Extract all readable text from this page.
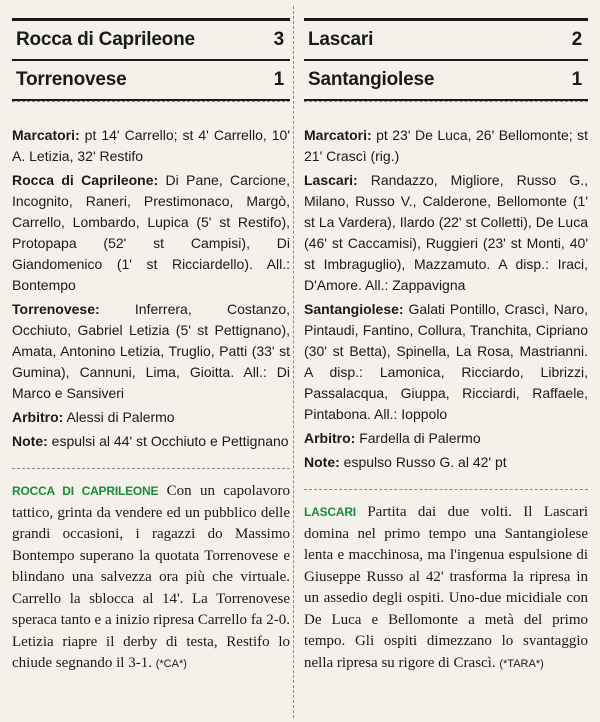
Rocca di Caprileone	3
Torrenovese	1

Marcatori: pt 14' Carrello; st 4' Carrello, 10' A. Letizia, 32' Restifo

Rocca di Caprileone: Di Pane, Carcione, Incognito, Raneri, Prestimonaco, Margò, Carrello, Lombardo, Lupica (5' st Restifo), Protopapa (52' st Campisi), Di Giandomenico (1' st Ricciardello). All.: Bontempo

Torrenovese: Inferrera, Costanzo, Occhiuto, Gabriel Letizia (5' st Pettignano), Amata, Antonino Letizia, Truglio, Patti (33' st Gumina), Cannuni, Lima, Gioitta. All.: Di Marco e Sansiveri

Arbitro: Alessi di Palermo

Note: espulsi al 44' st Occhiuto e Pettignano

ROCCA DI CAPRILEONE Con un capolavoro tattico, grinta da vendere ed un pubblico delle grandi occasioni, i ragazzi do Massimo Bontempo superano la quotata Torrenovese e blindano una salvezza ora più che virtuale. Carrello la sblocca al 14'. La Torrenovese speraca tanto e a inizio ripresa Carrello fa 2-0. Letizia riapre il derby di testa, Restifo lo chiude segnando il 3-1. (*CA*)
Lascari	2
Santangiolese	1

Marcatori: pt 23' De Luca, 26' Bellomonte; st 21' Crascì (rig.)

Lascari: Randazzo, Migliore, Russo G., Milano, Russo V., Calderone, Bellomonte (1' st La Vardera), Ilardo (22' st Colletti), De Luca (46' st Caccamisi), Ruggieri (23' st Monti, 40' st Imbraguglio), Mazzamuto. A disp.: Iraci, D'Amore. All.: Zappavigna

Santangiolese: Galati Pontillo, Crascì, Naro, Pintaudi, Fantino, Collura, Tranchita, Cipriano (30' st Betta), Spinella, La Rosa, Mastrianni. A disp.: Lamonica, Ricciardo, Librizzi, Passalacqua, Giuppa, Ricciardi, Raffaele, Pintabona. All.: Ioppolo

Arbitro: Fardella di Palermo

Note: espulso Russo G. al 42' pt

LASCARI Partita dai due volti. Il Lascari domina nel primo tempo una Santangiolese lenta e macchinosa, ma l'ingenua espulsione di Giuseppe Russo al 42' trasforma la ripresa in un assedio degli ospiti. Uno-due micidiale con De Luca e Bellomonte a metà del primo tempo. Gli ospiti dimezzano lo svantaggio nella ripresa su rigore di Crascì. (*TARA*)
